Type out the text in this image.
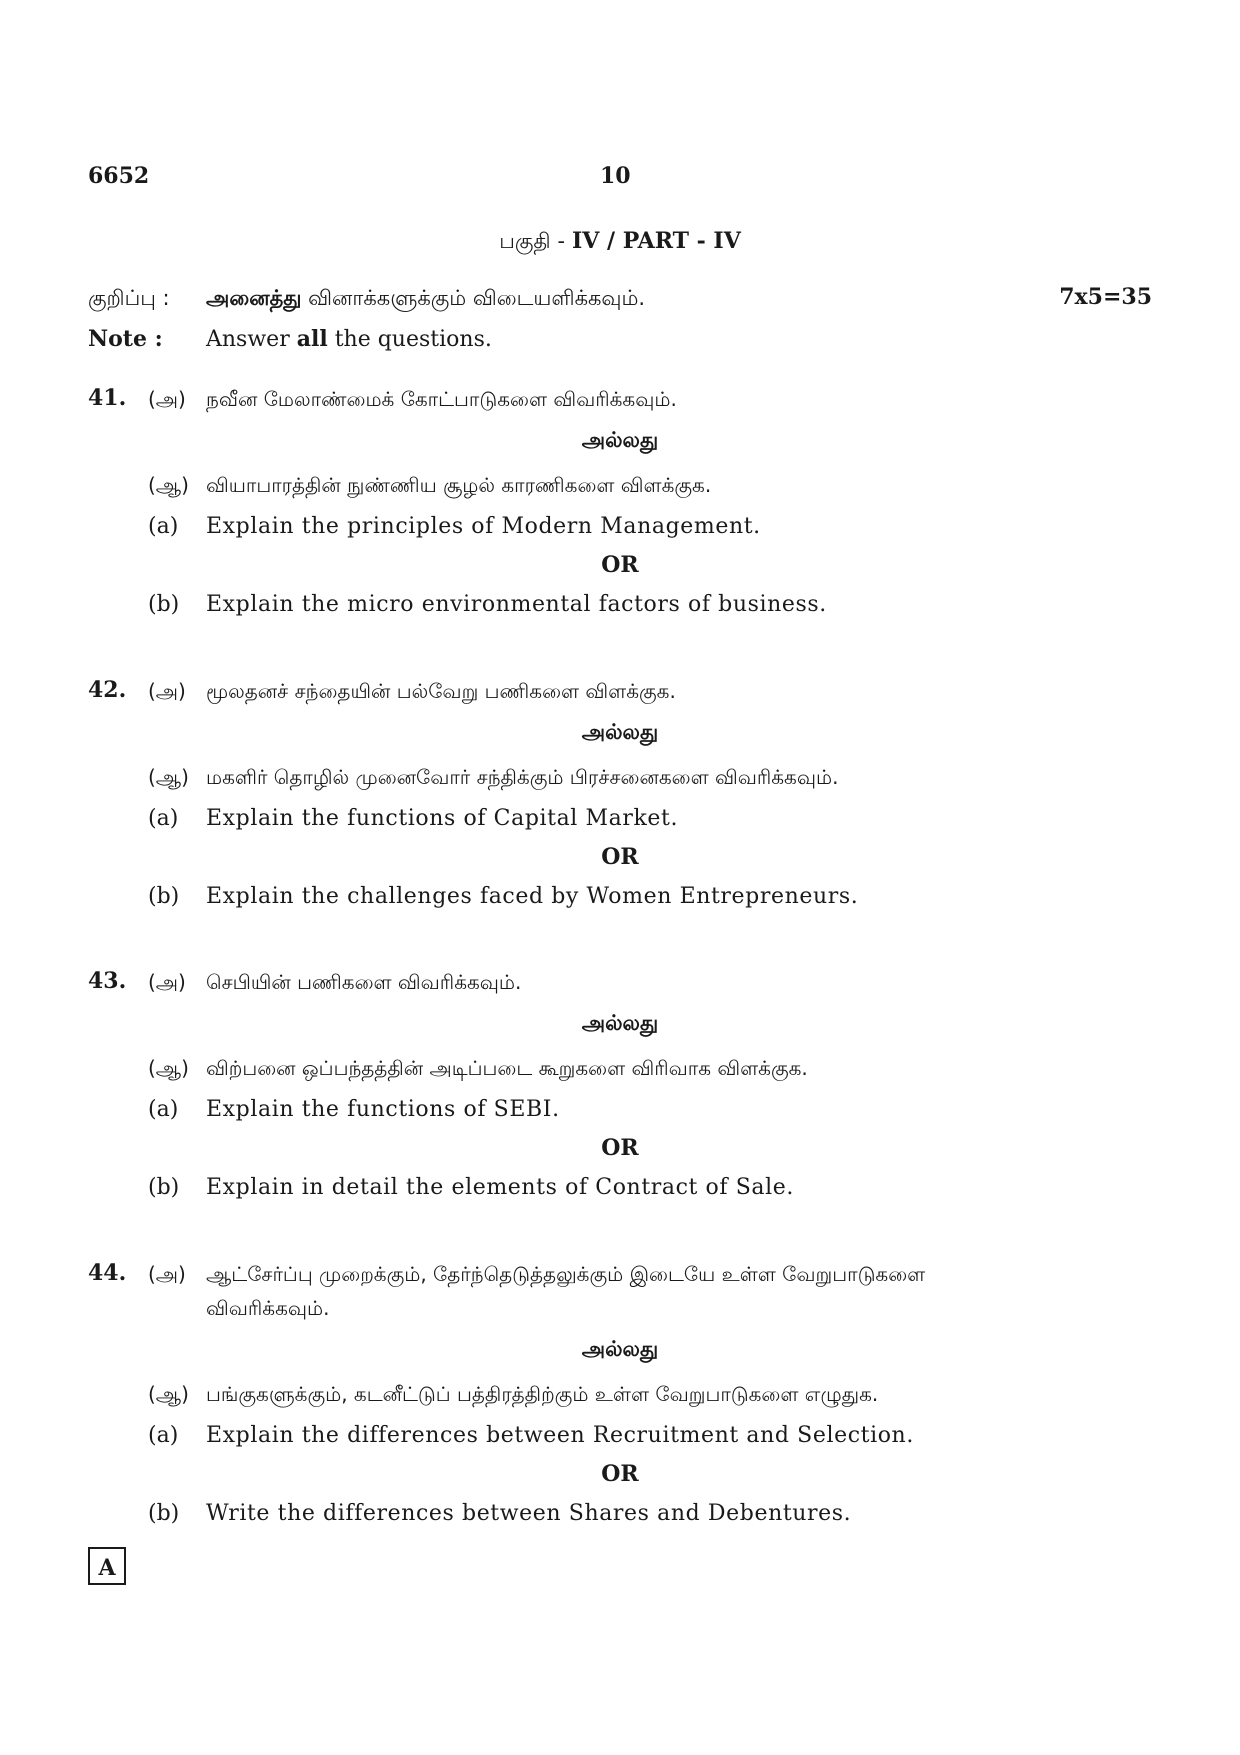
6652	10
பகுதி - IV / PART - IV
குறிப்பு : அனைத்து வினாக்களுக்கும் விடையளிக்கவும்.	7x5=35
Note : Answer all the questions.
41. (அ) நவீன மேலாண்மைக் கோட்பாடுகளை விவரிக்கவும்.
அல்லது
(ஆ) வியாபாரத்தின் நுண்ணிய சூழல் காரணிகளை விளக்குக.
(a) Explain the principles of Modern Management.
OR
(b) Explain the micro environmental factors of business.
42. (அ) மூலதனச் சந்தையின் பல்வேறு பணிகளை விளக்குக.
அல்லது
(ஆ) மகளிர் தொழில் முனைவோர் சந்திக்கும் பிரச்சனைகளை விவரிக்கவும்.
(a) Explain the functions of Capital Market.
OR
(b) Explain the challenges faced by Women Entrepreneurs.
43. (அ) செபியின் பணிகளை விவரிக்கவும்.
அல்லது
(ஆ) விற்பனை ஒப்பந்தத்தின் அடிப்படை கூறுகளை விரிவாக விளக்குக.
(a) Explain the functions of SEBI.
OR
(b) Explain in detail the elements of Contract of Sale.
44. (அ) ஆட்சேர்ப்பு முறைக்கும், தேர்ந்தெடுத்தலுக்கும் இடையே உள்ள வேறுபாடுகளை
விவரிக்கவும்.
அல்லது
(ஆ) பங்குகளுக்கும், கடனீட்டுப் பத்திரத்திற்கும் உள்ள வேறுபாடுகளை எழுதுக.
(a) Explain the differences between Recruitment and Selection.
OR
(b) Write the differences between Shares and Debentures.
A
